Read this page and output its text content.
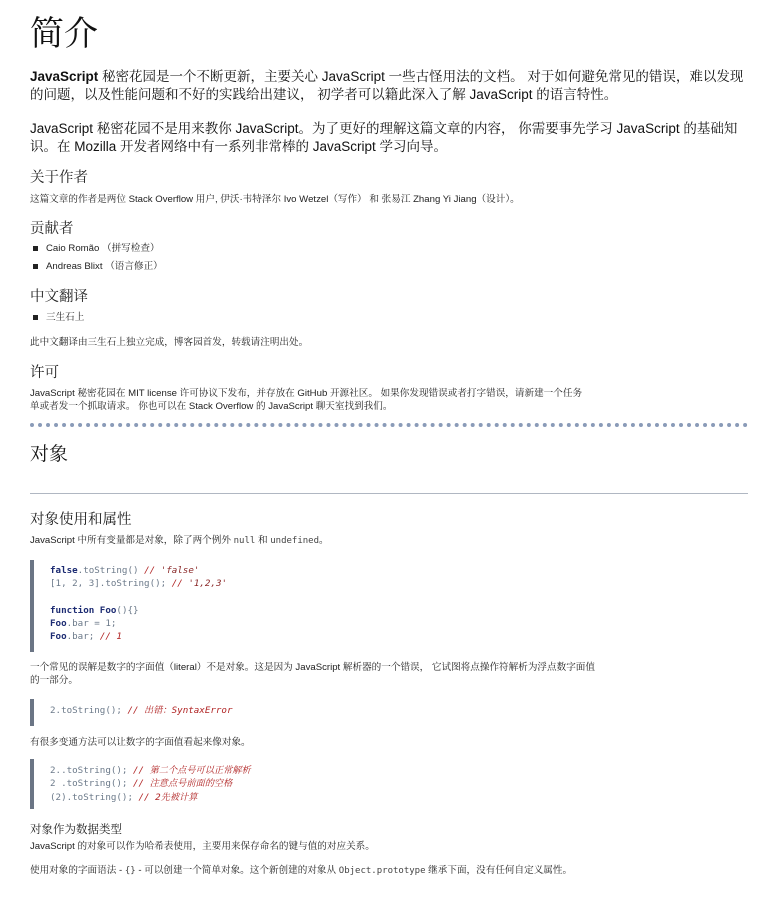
简介

JavaScript 秘密花园是一个不断更新，主要关心 JavaScript 一些古怪用法的文档。 对于如何避免常见的错误，难以发现的问题，以及性能问题和不好的实践给出建议， 初学者可以籍此深入了解 JavaScript 的语言特性。

JavaScript 秘密花园不是用来教你 JavaScript。为了更好的理解这篇文章的内容， 你需要事先学习 JavaScript 的基础知识。在 Mozilla 开发者网络中有一系列非常棒的 JavaScript 学习向导。

关于作者

这篇文章的作者是两位 Stack Overflow 用户, 伊沃·韦特泽尔 Ivo Wetzel（写作） 和 张易江 Zhang Yi Jiang（设计）。

贡献者
Caio Romão （拼写检查）
Andreas Blixt （语言修正）
中文翻译
三生石上

此中文翻译由三生石上独立完成，博客园首发，转载请注明出处。

许可

JavaScript 秘密花园在 MIT license 许可协议下发布，并存放在 GitHub 开源社区。 如果你发现错误或者打字错误，请新建一个任务单或者发一个抓取请求。 你也可以在 Stack Overflow 的 JavaScript 聊天室找到我们。

对象
对象使用和属性

JavaScript 中所有变量都是对象，除了两个例外 null 和 undefined。

false.toString() // 'false'
[1, 2, 3].toString(); // '1,2,3'

function Foo(){}
Foo.bar = 1;
Foo.bar; // 1

一个常见的误解是数字的字面值（literal）不是对象。这是因为 JavaScript 解析器的一个错误， 它试图将点操作符解析为浮点数字面值的一部分。

2.toString(); // 出错：SyntaxError

有很多变通方法可以让数字的字面值看起来像对象。

2..toString(); // 第二个点号可以正常解析
2 .toString(); // 注意点号前面的空格
(2).toString(); // 2先被计算
对象作为数据类型

JavaScript 的对象可以作为哈希表使用，主要用来保存命名的键与值的对应关系。

使用对象的字面语法 - {} - 可以创建一个简单对象。这个新创建的对象从 Object.prototype 继承下面，没有任何自定义属性。
